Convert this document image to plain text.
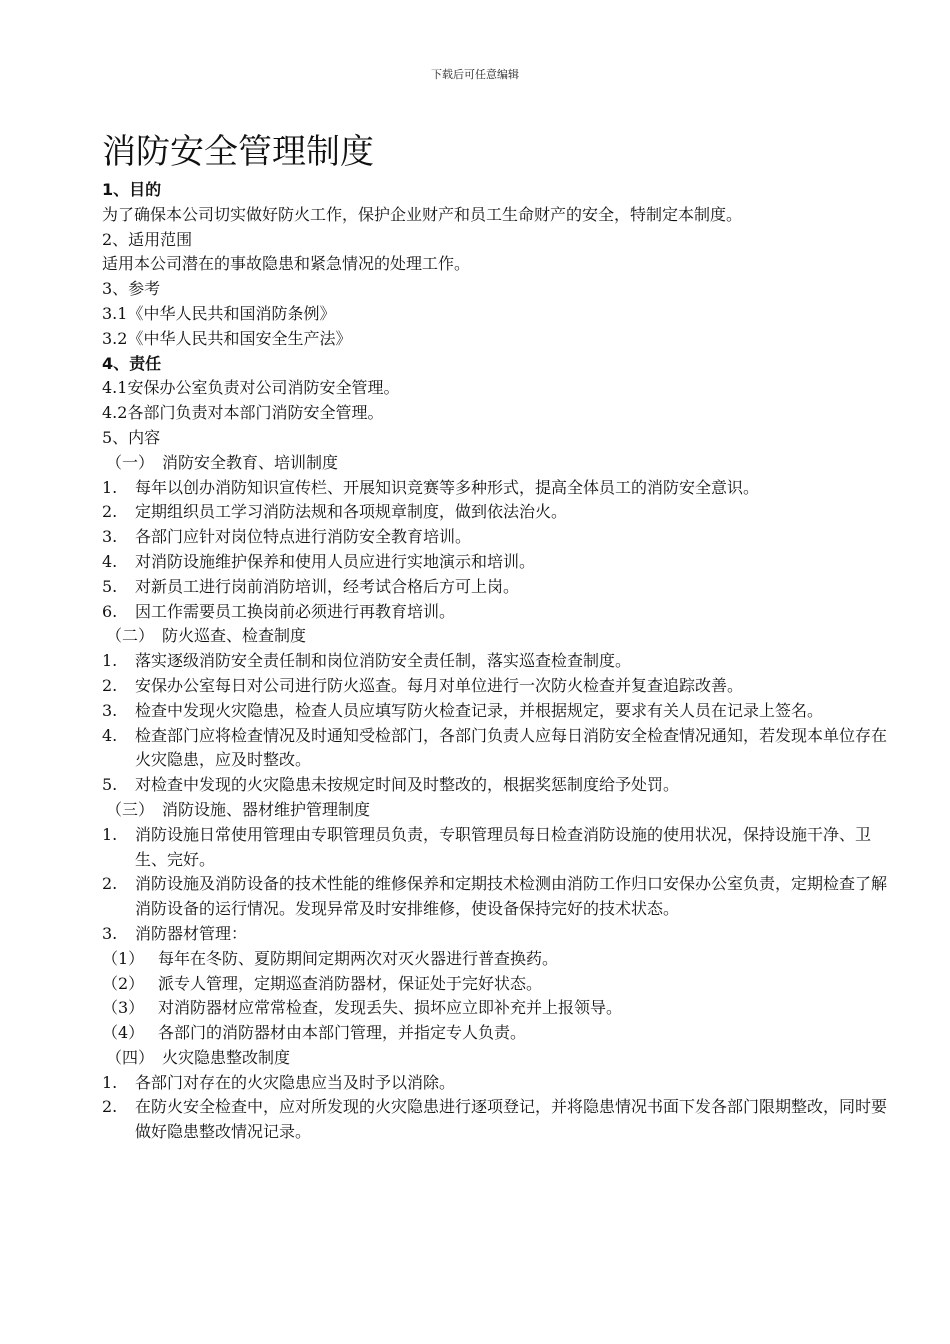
下载后可任意编辑
消防安全管理制度
1、目的
为了确保本公司切实做好防火工作，保护企业财产和员工生命财产的安全，特制定本制度。
2、适用范围
适用本公司潜在的事故隐患和紧急情况的处理工作。
3、参考
3.1《中华人民共和国消防条例》
3.2《中华人民共和国安全生产法》
4、责任
4.1安保办公室负责对公司消防安全管理。
4.2各部门负责对本部门消防安全管理。
5、内容
（一）　消防安全教育、培训制度
1. 每年以创办消防知识宣传栏、开展知识竞赛等多种形式，提高全体员工的消防安全意识。
2. 定期组织员工学习消防法规和各项规章制度，做到依法治火。
3. 各部门应针对岗位特点进行消防安全教育培训。
4. 对消防设施维护保养和使用人员应进行实地演示和培训。
5. 对新员工进行岗前消防培训，经考试合格后方可上岗。
6. 因工作需要员工换岗前必须进行再教育培训。
（二）　防火巡查、检查制度
1. 落实逐级消防安全责任制和岗位消防安全责任制，落实巡查检查制度。
2. 安保办公室每日对公司进行防火巡查。每月对单位进行一次防火检查并复查追踪改善。
3. 检查中发现火灾隐患，检查人员应填写防火检查记录，并根据规定，要求有关人员在记录上签名。
4. 检查部门应将检查情况及时通知受检部门，各部门负责人应每日消防安全检查情况通知，若发现本单位存在火灾隐患，应及时整改。
5. 对检查中发现的火灾隐患未按规定时间及时整改的，根据奖惩制度给予处罚。
（三）　消防设施、器材维护管理制度
1. 消防设施日常使用管理由专职管理员负责，专职管理员每日检查消防设施的使用状况，保持设施干净、卫生、完好。
2. 消防设施及消防设备的技术性能的维修保养和定期技术检测由消防工作归口安保办公室负责，定期检查了解消防设备的运行情况。发现异常及时安排维修，使设备保持完好的技术状态。
3. 消防器材管理：
（1） 每年在冬防、夏防期间定期两次对灭火器进行普查换药。
（2） 派专人管理，定期巡查消防器材，保证处于完好状态。
（3） 对消防器材应常常检查，发现丢失、损坏应立即补充并上报领导。
（4） 各部门的消防器材由本部门管理，并指定专人负责。
（四）　火灾隐患整改制度
1. 各部门对存在的火灾隐患应当及时予以消除。
2. 在防火安全检查中，应对所发现的火灾隐患进行逐项登记，并将隐患情况书面下发各部门限期整改，同时要做好隐患整改情况记录。
